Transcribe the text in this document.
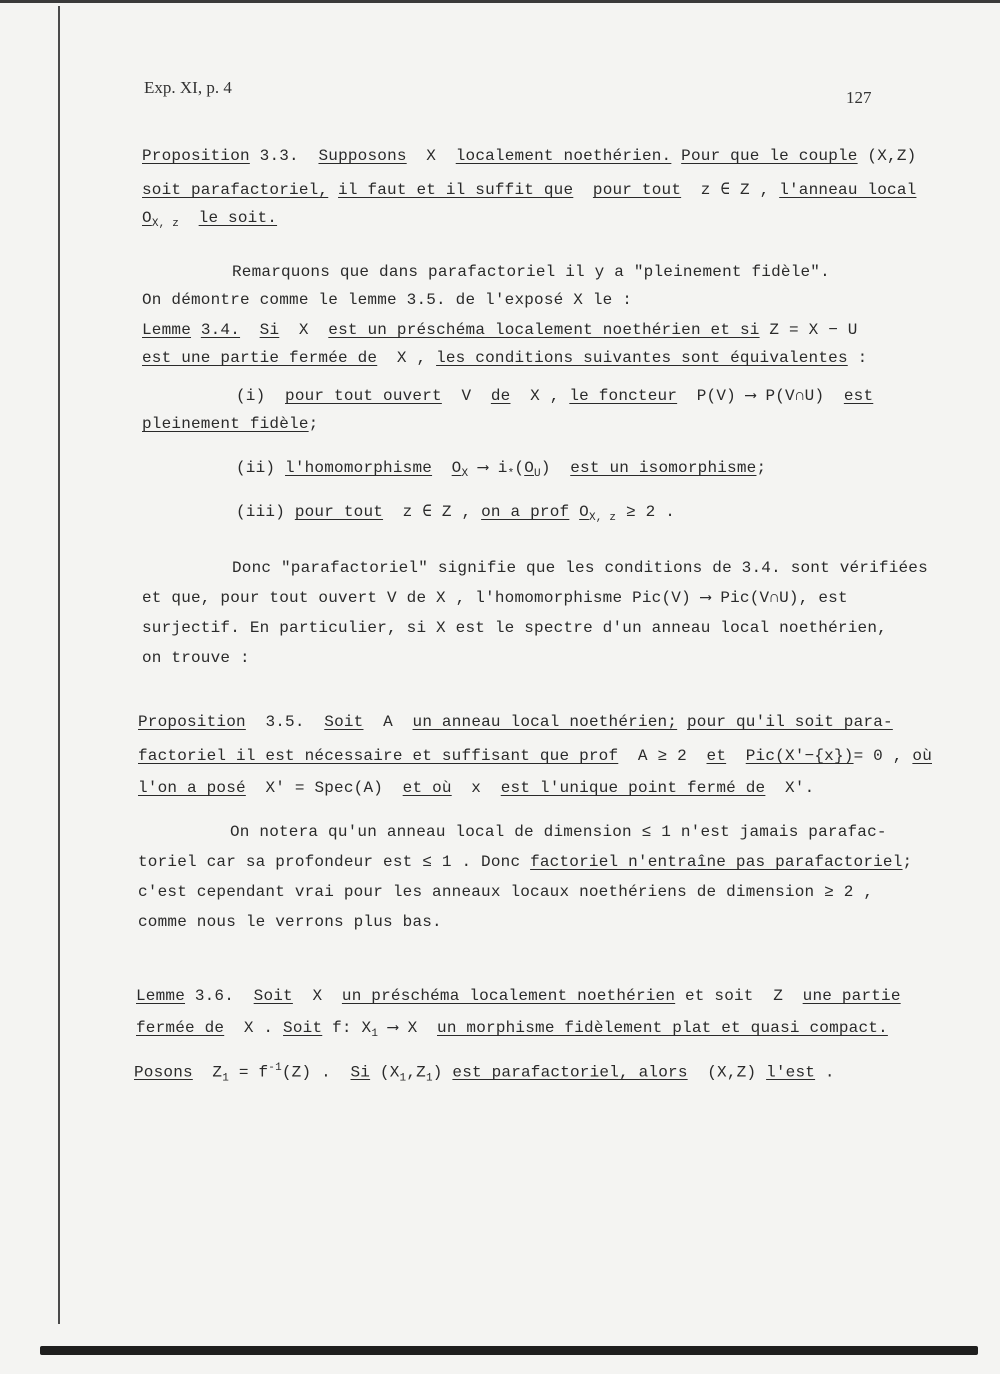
Exp. XI, p. 4
127
Proposition 3.3. Supposons X localement noethérien. Pour que le couple (X,Z)
soit parafactoriel, il faut et il suffit que pour tout z ∈ Z , l'anneau local
$O_{X, z}$ le soit.
Remarquons que dans parafactoriel il y a "pleinement fidèle".
On démontre comme le lemme 3.5. de l'exposé X le :
Lemme 3.4. Si X est un préschéma localement noethérien et si Z = X − U
est une partie fermée de X , les conditions suivantes sont équivalentes :
(i) pour tout ouvert V de X , le foncteur P(V) ⟶ P(V∩U) est
pleinement fidèle;
(ii) l'homomorphisme $O_X$ ⟶ $i_*(O_U)$  est un isomorphisme;
(iii) pour tout z ∈ Z , on a prof $O_{X, z} \ge 2$ .
Donc "parafactoriel" signifie que les conditions de 3.4. sont vérifiées
et que, pour tout ouvert V de X , l'homomorphisme Pic(V) ⟶ Pic(V∩U), est
surjectif. En particulier, si X est le spectre d'un anneau local noethérien,
on trouve :
Proposition 3.5. Soit A un anneau local noethérien; pour qu'il soit para-
factoriel il est nécessaire et suffisant que prof A ≥ 2 et Pic(X'−{x})= 0 , où
l'on a posé X' = Spec(A) et où x est l'unique point fermé de X'.
On notera qu'un anneau local de dimension ≤ 1 n'est jamais parafac-
toriel car sa profondeur est ≤ 1 . Donc factoriel n'entraîne pas parafactoriel;
c'est cependant vrai pour les anneaux locaux noethériens de dimension ≥ 2 ,
comme nous le verrons plus bas.
Lemme 3.6. Soit X un préschéma localement noethérien et soit Z une partie
fermée de X . Soit f: $X_1$ ⟶ X un morphisme fidèlement plat et quasi compact.
Posons $Z_1 = f^{-1}(Z)$ . Si $(X_1,Z_1)$ est parafactoriel, alors (X,Z) l'est .
